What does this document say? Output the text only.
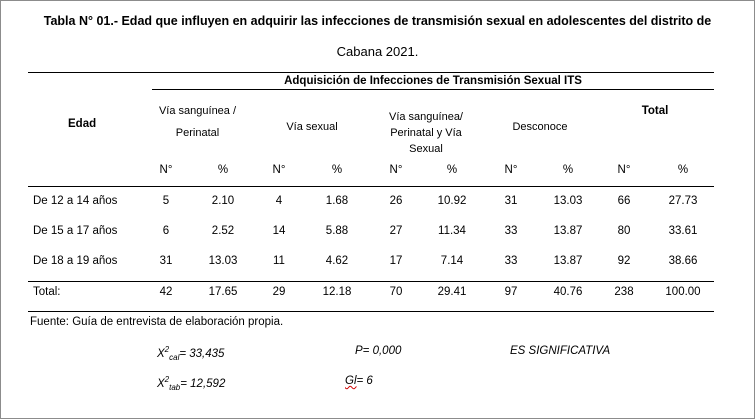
Tabla N° 01.- Edad que influyen en adquirir las infecciones de transmisión sexual en adolescentes del distrito de
Cabana 2021.
Adquisición de Infecciones de Transmisión Sexual ITS
Edad
Vía sanguínea / Perinatal	Vía sexual
Vía sanguínea/ Perinatal y Vía Sexual
Desconoce
Total
N°	%	N°	%	N°	%	N°	%	N°	%
De 12 a 14 años	5	2.10	4	1.68	26	10.92	31	13.03	66	27.73
De 15 a 17 años	6	2.52	14	5.88	27	11.34	33	13.87	80	33.61
De 18 a 19 años	31	13.03	11	4.62	17	7.14	33	13.87	92	38.66
Total:	42	17.65	29	12.18	70	29.41	97	40.76	238	100.00
Fuente: Guía de entrevista de elaboración propia.
$X^2_{cal}= 33,435$
$X^2_{tab}= 12,592$
P= 0,000	ES SIGNIFICATIVA
Gl= 6
